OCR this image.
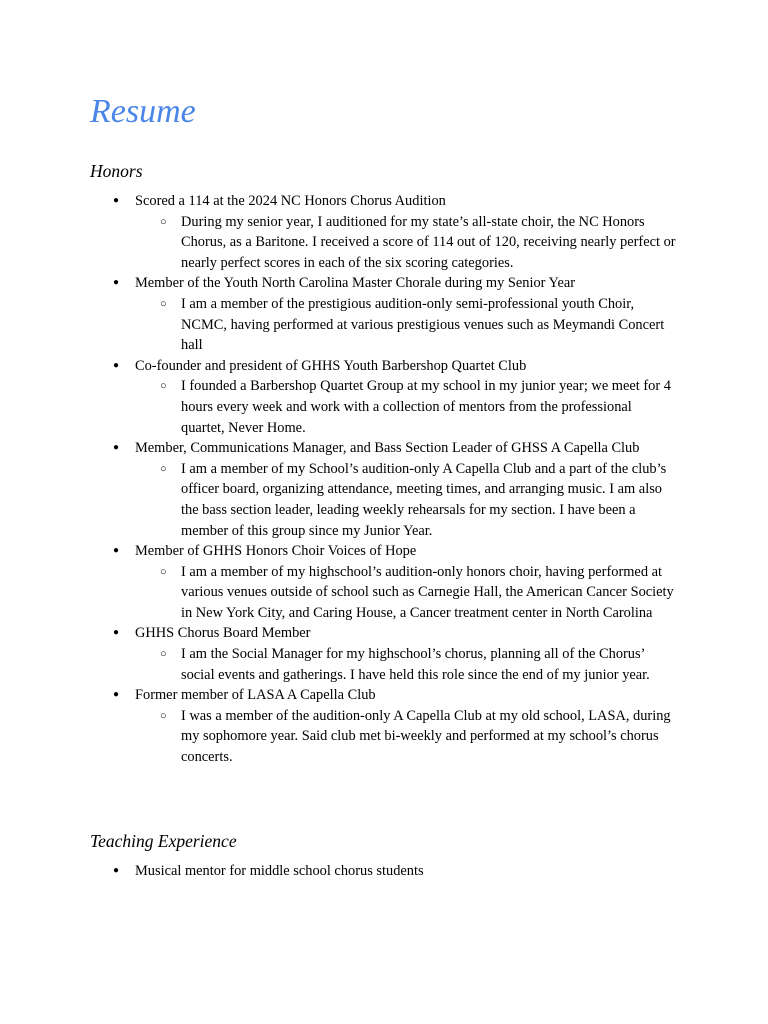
Resume
Honors
● Scored a 114 at the 2024 NC Honors Chorus Audition
○ During my senior year, I auditioned for my state’s all-state choir, the NC Honors Chorus, as a Baritone. I received a score of 114 out of 120, receiving nearly perfect or nearly perfect scores in each of the six scoring categories.
● Member of the Youth North Carolina Master Chorale during my Senior Year
○ I am a member of the prestigious audition-only semi-professional youth Choir, NCMC, having performed at various prestigious venues such as Meymandi Concert hall
● Co-founder and president of GHHS Youth Barbershop Quartet Club
○ I founded a Barbershop Quartet Group at my school in my junior year; we meet for 4 hours every week and work with a collection of mentors from the professional quartet, Never Home.
● Member, Communications Manager, and Bass Section Leader of GHSS A Capella Club
○ I am a member of my School’s audition-only A Capella Club and a part of the club’s officer board, organizing attendance, meeting times, and arranging music. I am also the bass section leader, leading weekly rehearsals for my section. I have been a member of this group since my Junior Year.
● Member of GHHS Honors Choir Voices of Hope
○ I am a member of my highschool’s audition-only honors choir, having performed at various venues outside of school such as Carnegie Hall, the American Cancer Society in New York City, and Caring House, a Cancer treatment center in North Carolina
● GHHS Chorus Board Member
○ I am the Social Manager for my highschool’s chorus, planning all of the Chorus’ social events and gatherings. I have held this role since the end of my junior year.
● Former member of LASA A Capella Club
○ I was a member of the audition-only A Capella Club at my old school, LASA, during my sophomore year. Said club met bi-weekly and performed at my school’s chorus concerts.
Teaching Experience
● Musical mentor for middle school chorus students
